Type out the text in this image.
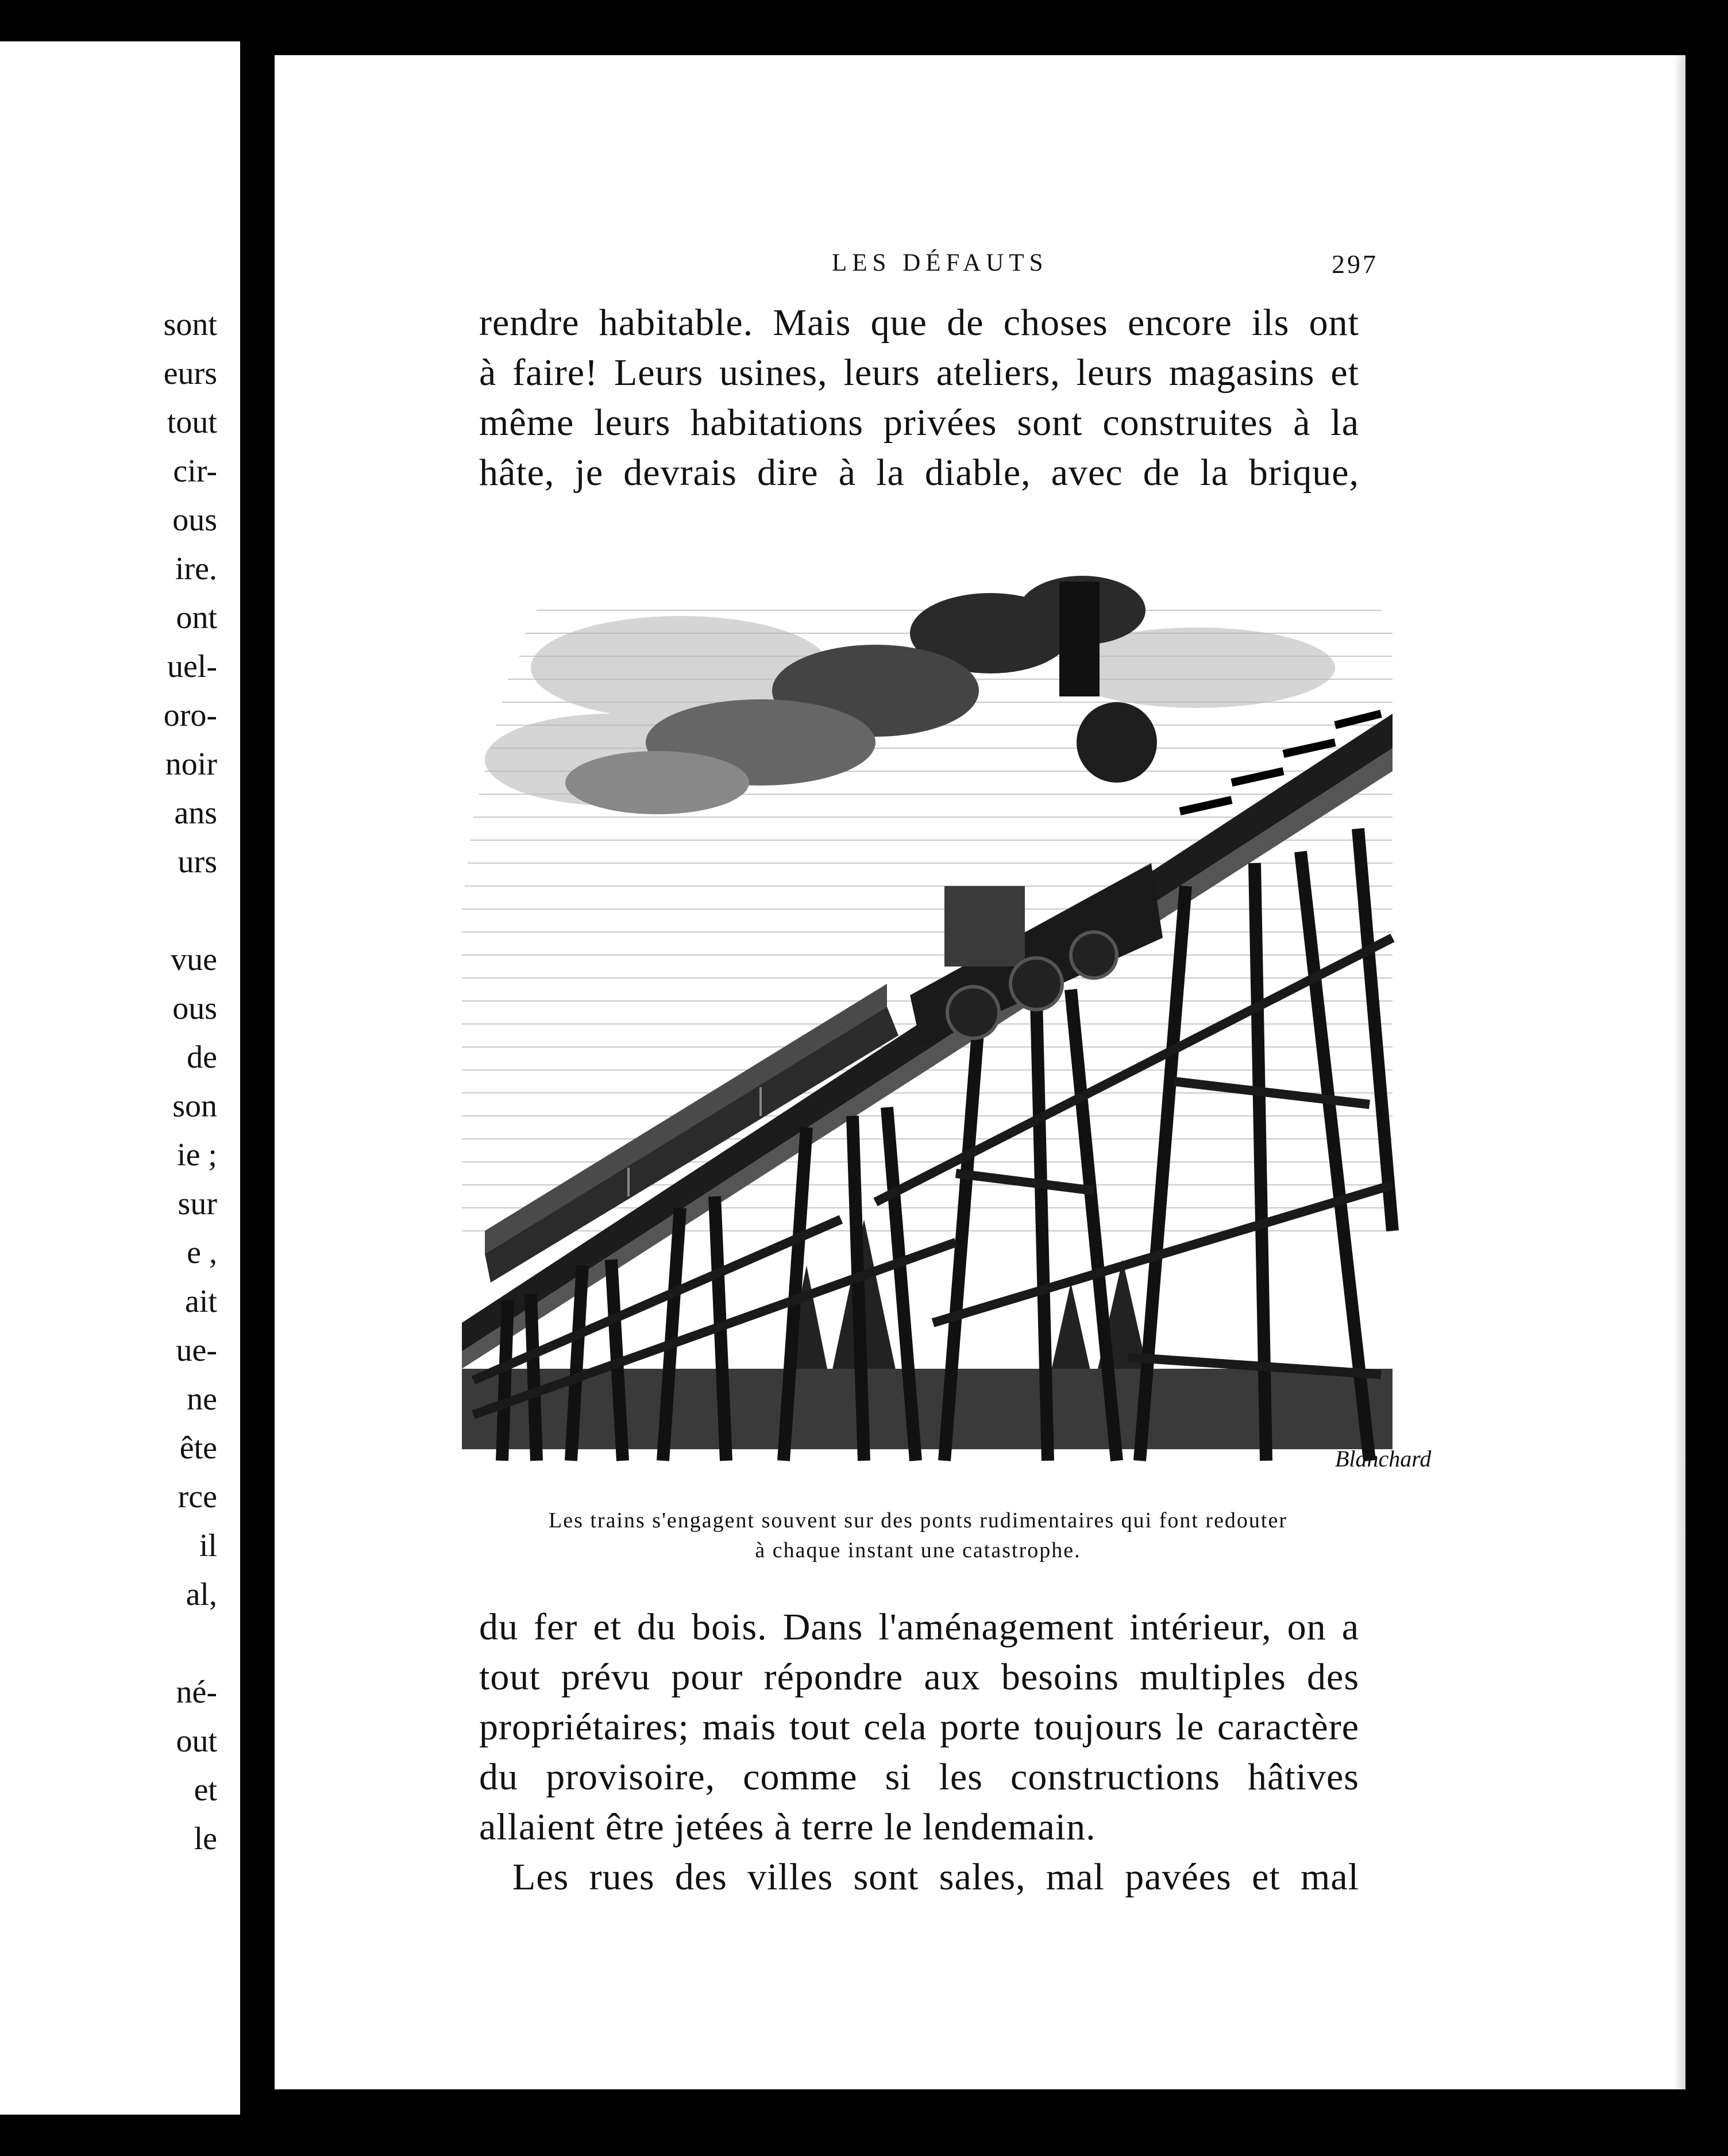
sont
eurs
tout
cir-
ous
ire.
ont
uel-
oro-
noir
ans
urs
vue
ous
de
son
ie ;
sur
e ,
ait
ue-
ne
ête
rce
il
al,
né-
out
et
le
LES DÉFAUTS	297
rendre habitable. Mais que de choses encore ils ont
à faire! Leurs usines, leurs ateliers, leurs magasins et
même leurs habitations privées sont construites à la
hâte, je devrais dire à la diable, avec de la brique,
Blanchard
Les trains s'engagent souvent sur des ponts rudimentaires qui font redouter
à chaque instant une catastrophe.
du fer et du bois. Dans l'aménagement intérieur, on a
tout prévu pour répondre aux besoins multiples des
propriétaires; mais tout cela porte toujours le caractère
du provisoire, comme si les constructions hâtives
allaient être jetées à terre le lendemain.
Les rues des villes sont sales, mal pavées et mal
